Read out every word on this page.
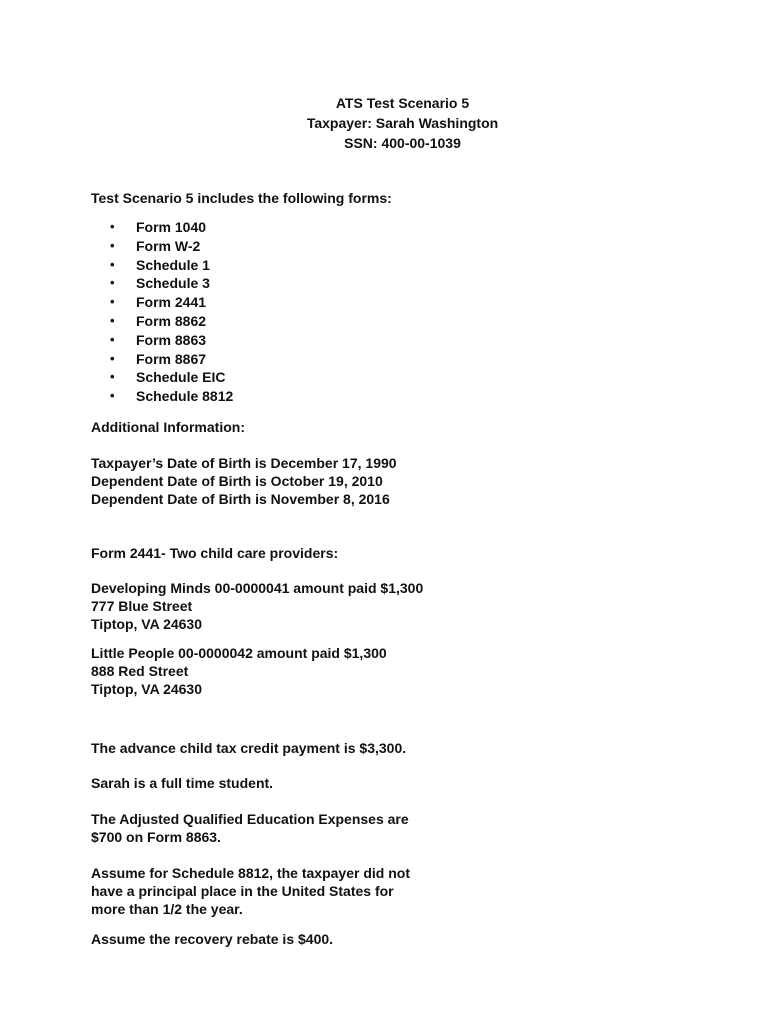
ATS Test Scenario 5
Taxpayer: Sarah Washington
SSN: 400-00-1039

Test Scenario 5 includes the following forms:

• Form 1040
• Form W-2
• Schedule 1
• Schedule 3
• Form 2441
• Form 8862
• Form 8863
• Form 8867
• Schedule EIC
• Schedule 8812

Additional Information:

Taxpayer’s Date of Birth is December 17, 1990

Dependent Date of Birth is October 19, 2010

Dependent Date of Birth is November 8, 2016

Form 2441- Two child care providers:

Developing Minds 00-0000041 amount paid $1,300

777 Blue Street

Tiptop, VA 24630

Little People 00-0000042 amount paid $1,300

888 Red Street

Tiptop, VA 24630

The advance child tax credit payment is $3,300.

Sarah is a full time student.

The Adjusted Qualified Education Expenses are

$700 on Form 8863.

Assume for Schedule 8812, the taxpayer did not

have a principal place in the United States for

more than 1/2 the year.

Assume the recovery rebate is $400.
